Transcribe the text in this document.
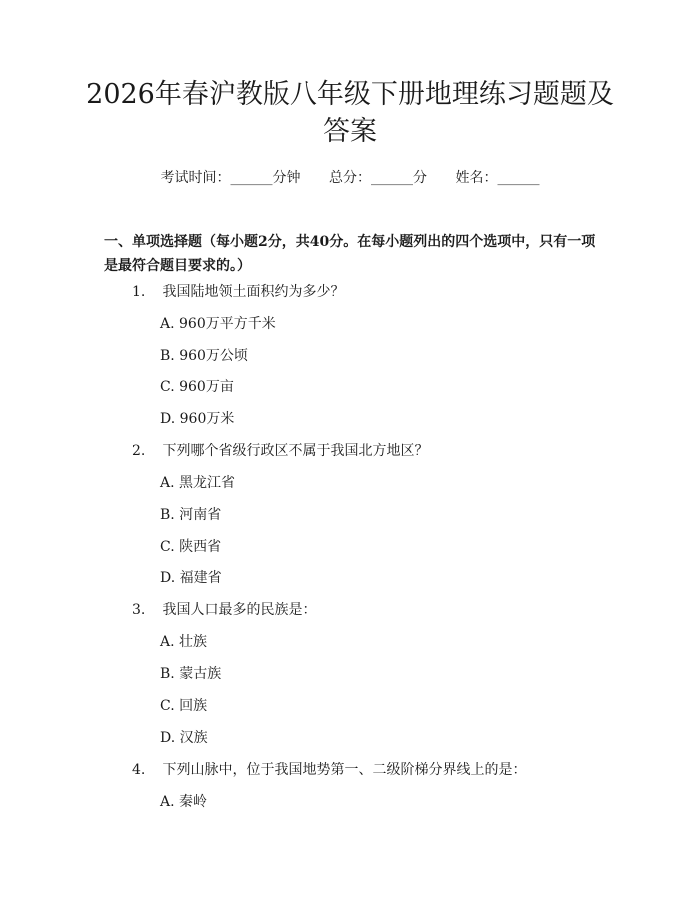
2026年春沪教版八年级下册地理练习题题及答案
考试时间：______分钟 总分：______分 姓名：______

一、单项选择题（每小题2分，共40分。在每小题列出的四个选项中，只有一项是最符合题目要求的。）

1. 我国陆地领土面积约为多少？
A. 960万平方千米
B. 960万公顷
C. 960万亩
D. 960万米
2. 下列哪个省级行政区不属于我国北方地区？
A. 黑龙江省
B. 河南省
C. 陕西省
D. 福建省
3. 我国人口最多的民族是：
A. 壮族
B. 蒙古族
C. 回族
D. 汉族
4. 下列山脉中，位于我国地势第一、二级阶梯分界线上的是：
A. 秦岭
